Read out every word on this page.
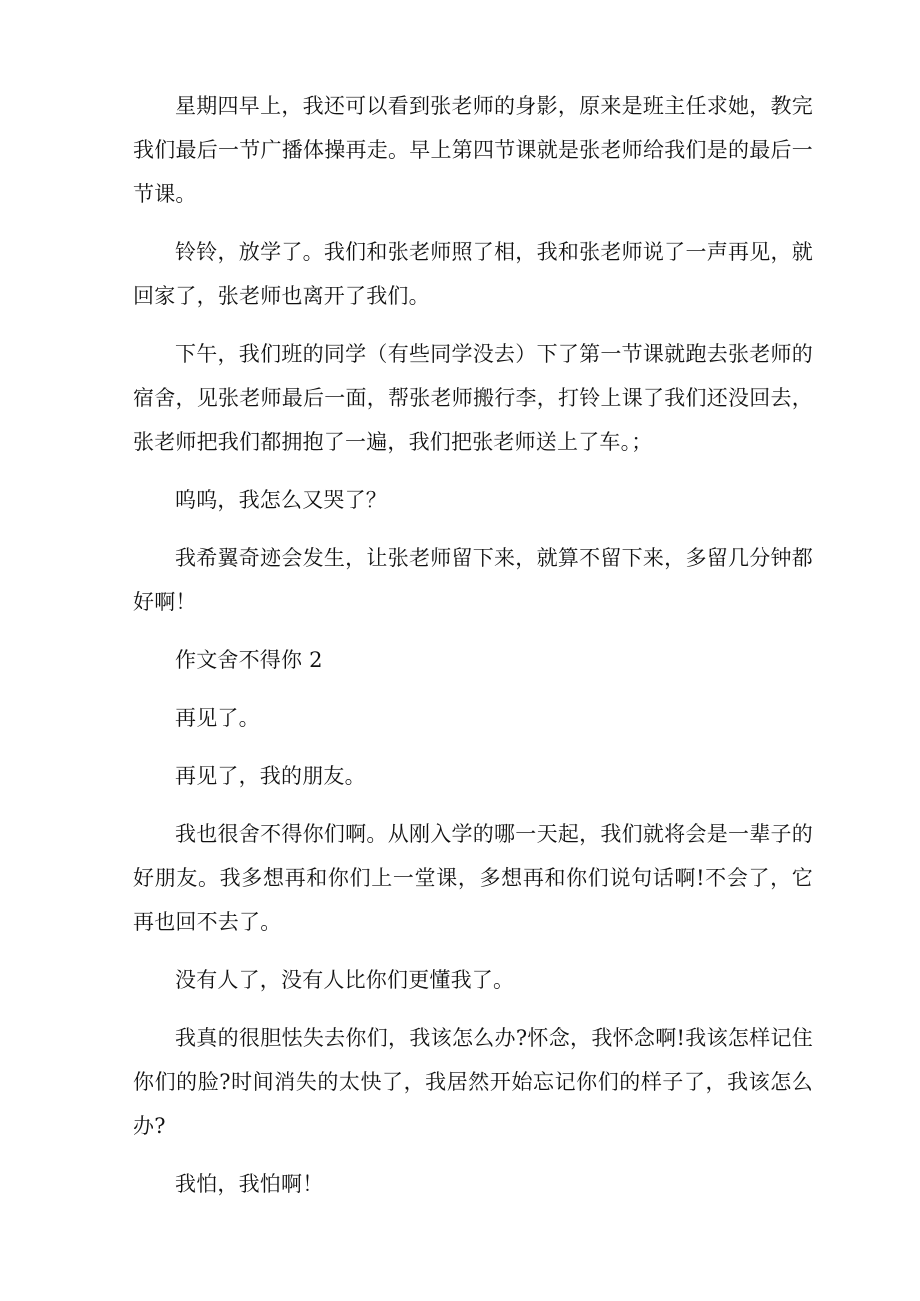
星期四早上，我还可以看到张老师的身影，原来是班主任求她，教完我们最后一节广播体操再走。早上第四节课就是张老师给我们是的最后一节课。

铃铃，放学了。我们和张老师照了相，我和张老师说了一声再见，就回家了，张老师也离开了我们。

下午，我们班的同学（有些同学没去）下了第一节课就跑去张老师的宿舍，见张老师最后一面，帮张老师搬行李，打铃上课了我们还没回去，张老师把我们都拥抱了一遍，我们把张老师送上了车。；

呜呜，我怎么又哭了？

我希翼奇迹会发生，让张老师留下来，就算不留下来，多留几分钟都好啊！

作文舍不得你 2

再见了。

再见了，我的朋友。

我也很舍不得你们啊。从刚入学的哪一天起，我们就将会是一辈子的好朋友。我多想再和你们上一堂课，多想再和你们说句话啊!不会了，它再也回不去了。

没有人了，没有人比你们更懂我了。

我真的很胆怯失去你们，我该怎么办?怀念，我怀念啊!我该怎样记住你们的脸?时间消失的太快了，我居然开始忘记你们的样子了，我该怎么办?

我怕，我怕啊！
